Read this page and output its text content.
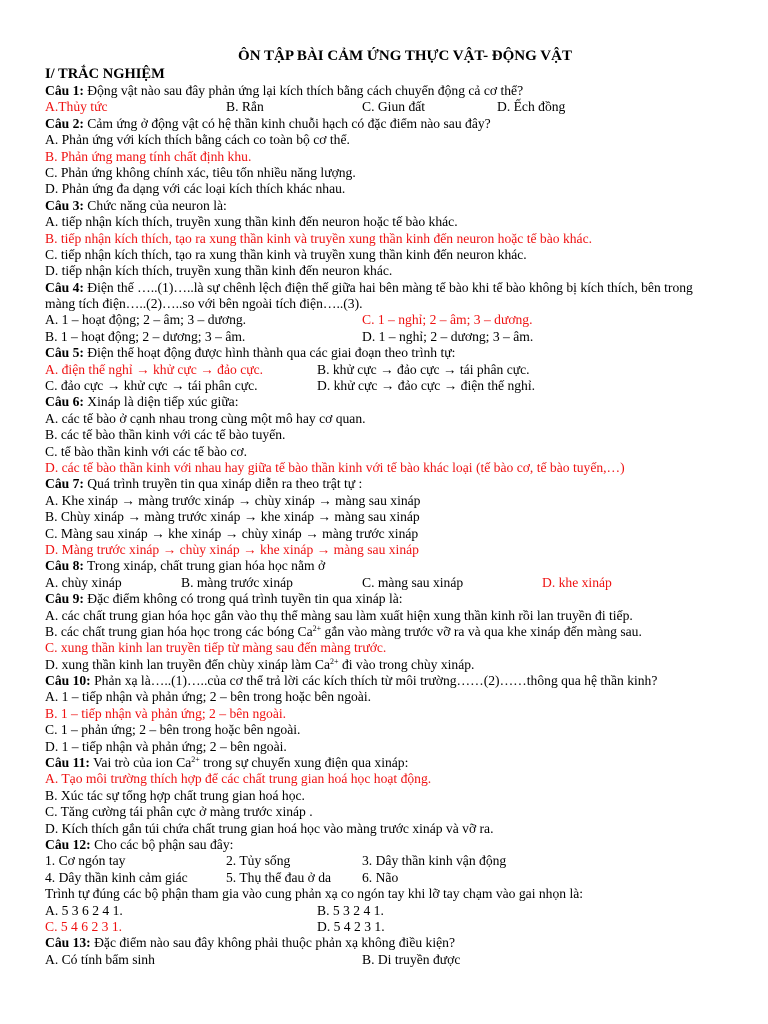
ÔN TẬP BÀI CẢM ỨNG THỰC VẬT- ĐỘNG VẬT
I/ TRẮC NGHIỆM
Câu 1: Động vật nào sau đây phản ứng lại kích thích bằng cách chuyển động cả cơ thể?
A.Thủy tức	B. Rắn	C. Giun đất	D. Ếch đồng
Câu 2: Cảm ứng ở động vật có hệ thần kinh chuỗi hạch có đặc điểm nào sau đây?
A. Phản ứng với kích thích bằng cách co toàn bộ cơ thể.
B. Phản ứng mang tính chất định khu.
C. Phản ứng không chính xác, tiêu tốn nhiều năng lượng.
D. Phản ứng đa dạng với các loại kích thích khác nhau.
Câu 3: Chức năng của neuron là:
A. tiếp nhận kích thích, truyền xung thần kinh đến neuron hoặc tế bào khác.
B. tiếp nhận kích thích, tạo ra xung thần kinh và truyền xung thần kinh đến neuron hoặc tế bào khác.
C. tiếp nhận kích thích, tạo ra xung thần kinh và truyền xung thần kinh đến neuron khác.
D. tiếp nhận kích thích, truyền xung thần kinh đến neuron khác.
Câu 4: Điện thế …..(1)…..là sự chênh lệch điện thế giữa hai bên màng tế bào khi tế bào không bị kích thích, bên trong
màng tích điện…..(2)…..so với bên ngoài tích điện…..(3).
A. 1 – hoạt động; 2 – âm; 3 – dương.	C. 1 – nghỉ; 2 – âm; 3 – dương.
B. 1 – hoạt động; 2 – dương; 3 – âm.	D. 1 – nghỉ; 2 – dương; 3 – âm.
Câu 5: Điện thế hoạt động được hình thành qua các giai đoạn theo trình tự:
A. điện thế nghỉ → khử cực → đảo cực.	B. khử cực → đảo cực → tái phân cực.
C. đảo cực → khử cực → tái phân cực.	D. khử cực → đảo cực → điện thế nghỉ.
Câu 6: Xináp là diện tiếp xúc giữa:
A. các tế bào ở cạnh nhau trong cùng một mô hay cơ quan.
B. các tế bào thần kinh với các tế bào tuyến.
C. tế bào thần kinh với các tế bào cơ.
D. các tế bào thần kinh với nhau hay giữa tế bào thần kinh với tế bào khác loại (tế bào cơ, tế bào tuyến,…)
Câu 7: Quá trình truyền tin qua xináp diễn ra theo trật tự :
A. Khe xináp → màng trước xináp → chùy xináp → màng sau xináp
B. Chùy xináp → màng trước xináp → khe xináp → màng sau xináp
C. Màng sau xináp → khe xináp → chùy xináp → màng trước xináp
D. Màng trước xináp → chùy xináp → khe xináp → màng sau xináp
Câu 8: Trong xináp, chất trung gian hóa học nằm ở
A. chùy xináp	B. màng trước xináp	C. màng sau xináp	D. khe xináp
Câu 9: Đặc điểm không có trong quá trình tuyền tin qua xináp là:
A. các chất trung gian hóa học gắn vào thụ thể màng sau làm xuất hiện xung thần kinh rồi lan truyền đi tiếp.
B. các chất trung gian hóa học trong các bóng $Ca^{2+}$ gắn vào màng trước vỡ ra và qua khe xináp đến màng sau.
C. xung thần kinh lan truyền tiếp từ màng sau đến màng trước.
D. xung thần kinh lan truyền đến chùy xináp làm $Ca^{2+}$ đi vào trong chùy xináp.
Câu 10: Phản xạ là…..(1)…..của cơ thể trả lời các kích thích từ môi trường……(2)……thông qua hệ thần kinh?
A. 1 – tiếp nhận và phản ứng; 2 – bên trong hoặc bên ngoài.
B. 1 – tiếp nhận và phản ứng; 2 – bên ngoài.
C. 1 – phản ứng; 2 – bên trong hoặc bên ngoài.
D. 1 – tiếp nhận và phản ứng; 2 – bên ngoài.
Câu 11: Vai trò của ion $Ca^{2+}$ trong sự chuyển xung điện qua xináp:
A. Tạo môi trường thích hợp để các chất trung gian hoá học hoạt động.
B. Xúc tác sự tổng hợp chất trung gian hoá học.
C. Tăng cường tái phân cực ở màng trước xináp .
D. Kích thích gắn túi chứa chất trung gian hoá học vào màng trước xináp và vỡ ra.
Câu 12: Cho các bộ phận sau đây:
1. Cơ ngón tay	2. Tủy sống	3. Dây thần kinh vận động
4. Dây thần kinh cảm giác	5. Thụ thể đau ở da 6. Não
Trình tự đúng các bộ phận tham gia vào cung phản xạ co ngón tay khi lỡ tay chạm vào gai nhọn là:
A. 5 3 6 2 4 1.	B. 5 3 2 4 1.
C. 5 4 6 2 3 1.	D. 5 4 2 3 1.
Câu 13: Đặc điểm nào sau đây không phải thuộc phản xạ không điều kiện?
A. Có tính bẩm sinh	B. Di truyền được
